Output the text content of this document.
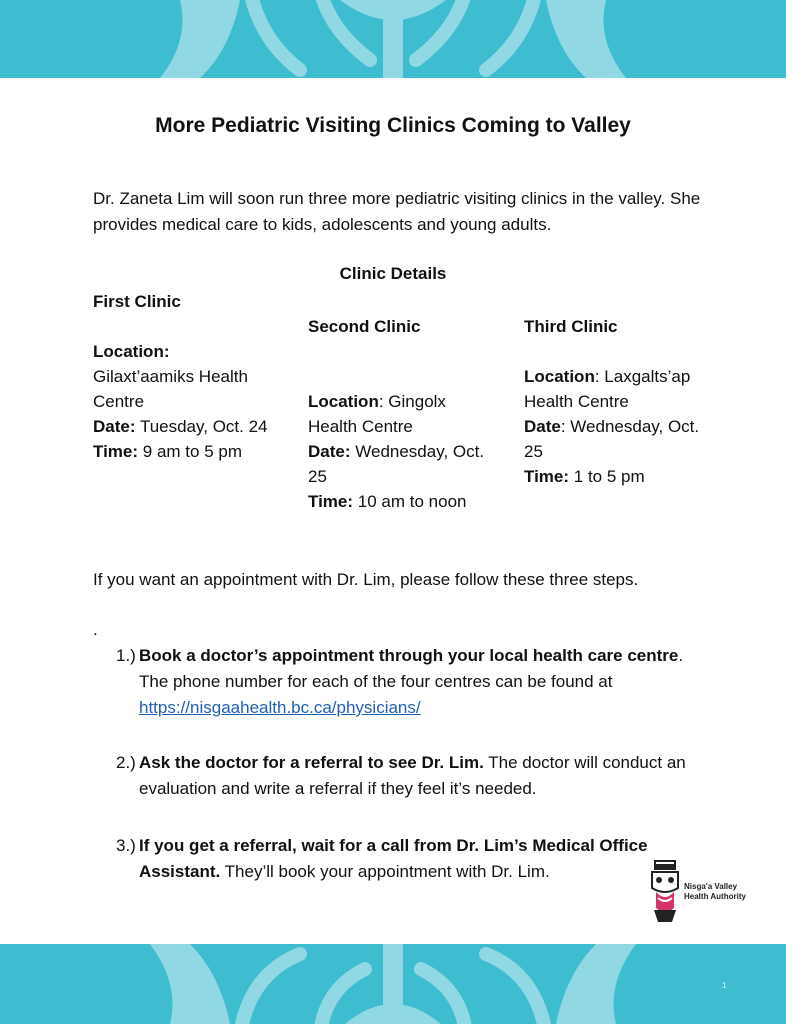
More Pediatric Visiting Clinics Coming to Valley

Dr. Zaneta Lim will soon run three more pediatric visiting clinics in the valley. She provides medical care to kids, adolescents and young adults.

Clinic Details

First Clinic

Location:

Gilaxt’aamiks Health Centre

Date: Tuesday, Oct. 24

Time: 9 am to 5 pm

Second Clinic

Location: Gingolx Health Centre

Date: Wednesday, Oct. 25

Time: 10 am to noon

Third Clinic

Location: Laxgalts’ap Health Centre

Date: Wednesday, Oct. 25

Time: 1 to 5 pm

If you want an appointment with Dr. Lim, please follow these three steps.

.
1.) Book a doctor’s appointment through your local health care centre. The phone number for each of the four centres can be found at https://nisgaahealth.bc.ca/physicians/
2.) Ask the doctor for a referral to see Dr. Lim. The doctor will conduct an evaluation and write a referral if they feel it’s needed.
3.) If you get a referral, wait for a call from Dr. Lim’s Medical Office Assistant. They’ll book your appointment with Dr. Lim.
Nisga'a Valley
Health Authority
1
